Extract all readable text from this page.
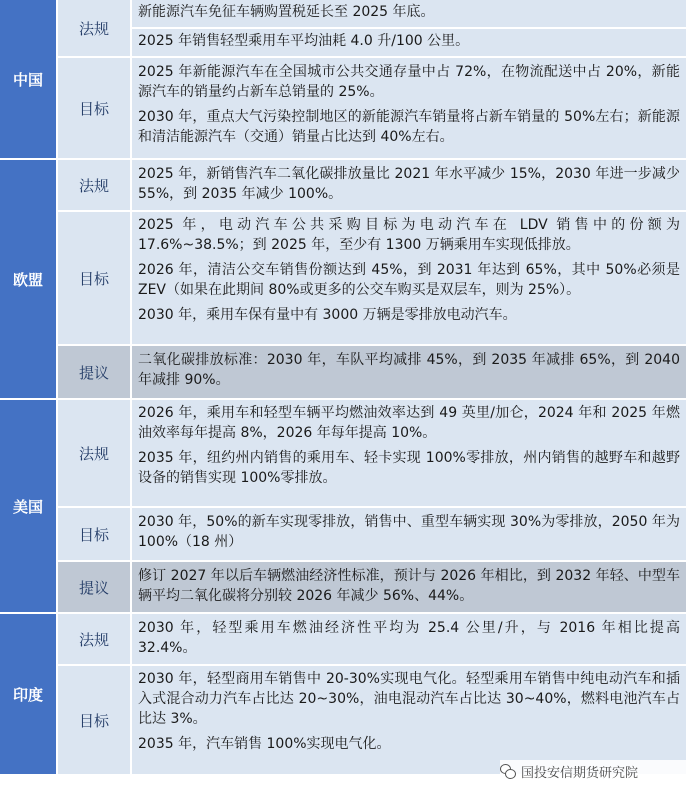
中国
法规

新能源汽车免征车辆购置税延长至 2025 年底。

2025 年销售轻型乘用车平均油耗 4.0 升/100 公里。

目标

2025 年新能源汽车在全国城市公共交通存量中占 72%，在物流配送中占 20%，新能源汽车的销量约占新车总销量的 25%。

2030 年，重点大气污染控制地区的新能源汽车销量将占新车销量的 50%左右；新能源和清洁能源汽车（交通）销量占比达到 40%左右。

欧盟
法规

2025 年，新销售汽车二氧化碳排放量比 2021 年水平减少 15%，2030 年进一步减少 55%，到 2035 年减少 100%。

目标

2025 年，电动汽车公共采购目标为电动汽车在 LDV 销售中的份额为 17.6%~38.5%；到 2025 年，至少有 1300 万辆乘用车实现低排放。

2026 年，清洁公交车销售份额达到 45%，到 2031 年达到 65%，其中 50%必须是 ZEV（如果在此期间 80%或更多的公交车购买是双层车，则为 25%）。

2030 年，乘用车保有量中有 3000 万辆是零排放电动汽车。

提议

二氧化碳排放标准：2030 年，车队平均减排 45%，到 2035 年减排 65%，到 2040 年减排 90%。

美国
法规

2026 年，乘用车和轻型车辆平均燃油效率达到 49 英里/加仑，2024 年和 2025 年燃油效率每年提高 8%，2026 年每年提高 10%。

2035 年，纽约州内销售的乘用车、轻卡实现 100%零排放，州内销售的越野车和越野设备的销售实现 100%零排放。

目标

2030 年，50%的新车实现零排放，销售中、重型车辆实现 30%为零排放，2050 年为 100%（18 州）

提议

修订 2027 年以后车辆燃油经济性标准，预计与 2026 年相比，到 2032 年轻、中型车辆平均二氧化碳将分别较 2026 年减少 56%、44%。

印度
法规

2030 年，轻型乘用车燃油经济性平均为 25.4 公里/升，与 2016 年相比提高 32.4%。

目标

2030 年，轻型商用车销售中 20-30%实现电气化。轻型乘用车销售中纯电动汽车和插入式混合动力汽车占比达 20~30%，油电混动汽车占比达 30~40%，燃料电池汽车占比达 3%。

2035 年，汽车销售 100%实现电气化。

国投安信期货研究院
